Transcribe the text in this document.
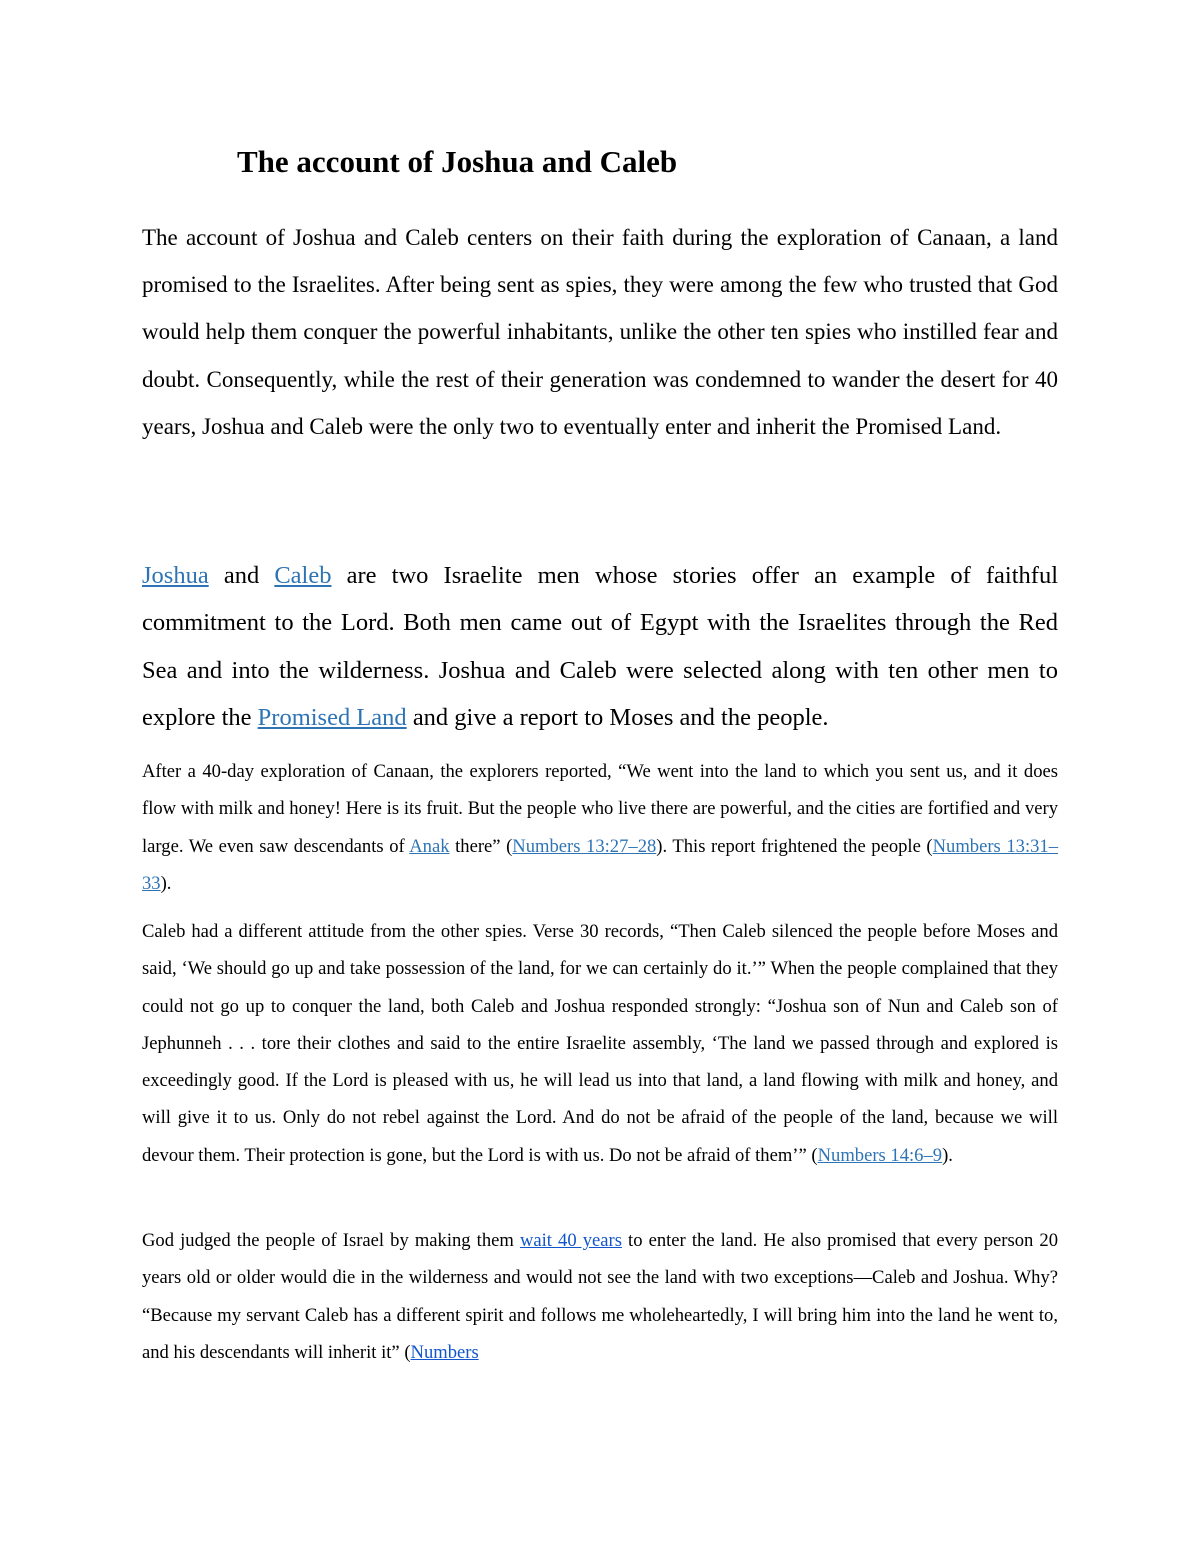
The account of Joshua and Caleb

The account of Joshua and Caleb centers on their faith during the exploration of Canaan, a land promised to the Israelites. After being sent as spies, they were among the few who trusted that God would help them conquer the powerful inhabitants, unlike the other ten spies who instilled fear and doubt. Consequently, while the rest of their generation was condemned to wander the desert for 40 years, Joshua and Caleb were the only two to eventually enter and inherit the Promised Land.

Joshua and Caleb are two Israelite men whose stories offer an example of faithful commitment to the Lord. Both men came out of Egypt with the Israelites through the Red Sea and into the wilderness. Joshua and Caleb were selected along with ten other men to explore the Promised Land and give a report to Moses and the people.

After a 40-day exploration of Canaan, the explorers reported, “We went into the land to which you sent us, and it does flow with milk and honey! Here is its fruit. But the people who live there are powerful, and the cities are fortified and very large. We even saw descendants of Anak there” (Numbers 13:27–28). This report frightened the people (Numbers 13:31–33).

Caleb had a different attitude from the other spies. Verse 30 records, “Then Caleb silenced the people before Moses and said, ‘We should go up and take possession of the land, for we can certainly do it.’” When the people complained that they could not go up to conquer the land, both Caleb and Joshua responded strongly: “Joshua son of Nun and Caleb son of Jephunneh . . . tore their clothes and said to the entire Israelite assembly, ‘The land we passed through and explored is exceedingly good. If the Lord is pleased with us, he will lead us into that land, a land flowing with milk and honey, and will give it to us. Only do not rebel against the Lord. And do not be afraid of the people of the land, because we will devour them. Their protection is gone, but the Lord is with us. Do not be afraid of them’” (Numbers 14:6–9).

God judged the people of Israel by making them wait 40 years to enter the land. He also promised that every person 20 years old or older would die in the wilderness and would not see the land with two exceptions—Caleb and Joshua. Why? “Because my servant Caleb has a different spirit and follows me wholeheartedly, I will bring him into the land he went to, and his descendants will inherit it” (Numbers
